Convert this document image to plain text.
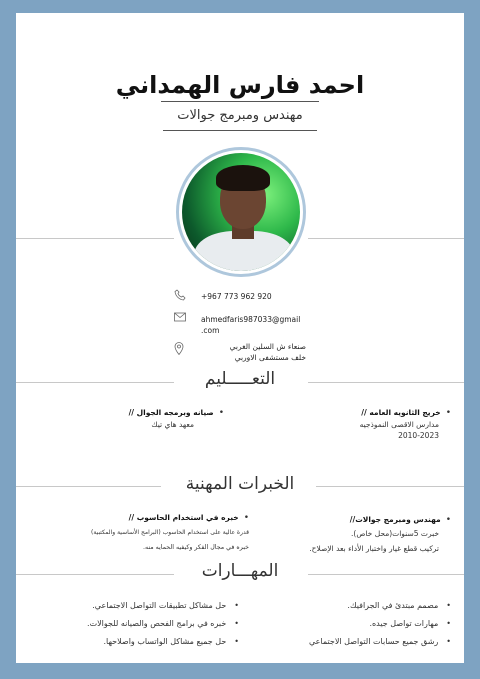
احمد فارس الهمداني
مهندس ومبرمج جوالات
+967 773 962 920
ahmedfaris987033@gmail
.com
صنعاء ش السلين الغربي
خلف مستشفى الاوربي
التعـــــليم
•خريج الثانويه العامه //
مدارس الاقصى النموذجيه
2010-2023
•صيانه وبرمجه الجوال //
معهد هاي تيك
الخبرات المهنية
•مهندس ومبرمج جوالات//
خبرت 5سنوات(محل خاص).
تركيب قطع غيار واختبار الأداء بعد الإصلاح.
•خبره في استخدام الحاسوب //
قدرة عالية على استخدام الحاسوب (البرامج الأساسية والمكتبية)
خبره في مجال الفكر وكيفيه الحمايه منه.
المهـــارات
•مصمم مبتدئ في الجرافيك.
•مهارات تواصل جيده.
•رشق جميع حسابات التواصل الاجتماعي
•حل مشاكل تطبيقات التواصل الاجتماعي.
•خبره في برامج الفحص والصيانه للجوالات.
•حل جميع مشاكل الواتساب واصلاحها.
